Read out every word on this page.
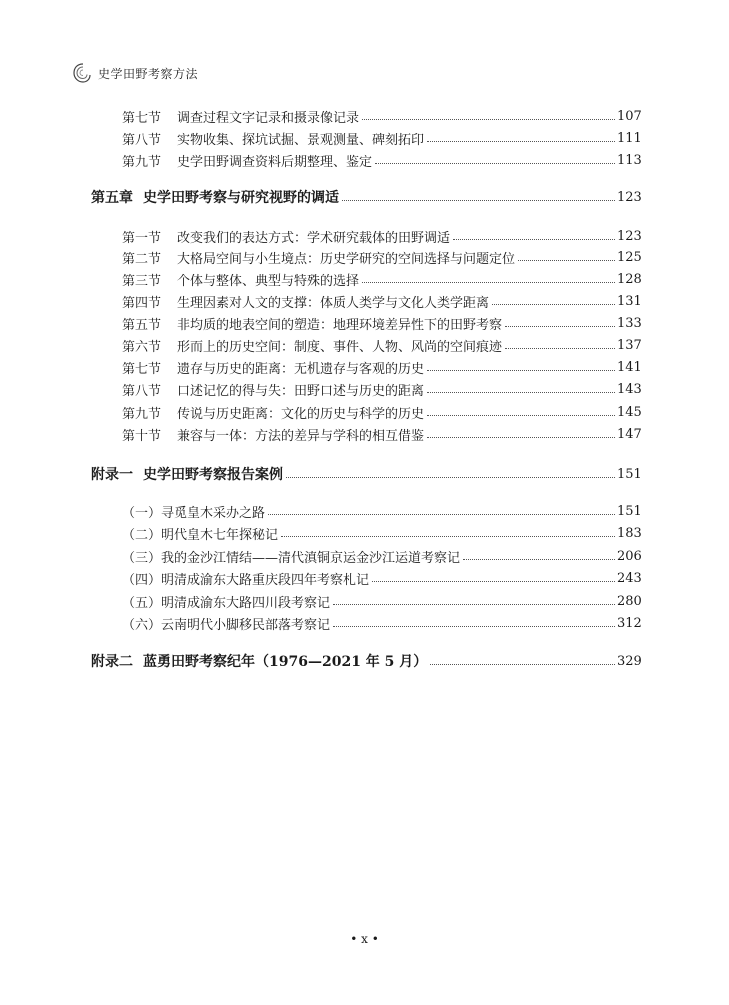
史学田野考察方法
第七节	调查过程文字记录和摄录像记录	107
第八节	实物收集、探坑试掘、景观测量、碑刻拓印	111
第九节	史学田野调查资料后期整理、鉴定	113
第五章 史学田野考察与研究视野的调适	123
第一节	改变我们的表达方式：学术研究载体的田野调适	123
第二节	大格局空间与小生境点：历史学研究的空间选择与问题定位	125
第三节	个体与整体、典型与特殊的选择	128
第四节	生理因素对人文的支撑：体质人类学与文化人类学距离	131
第五节	非均质的地表空间的塑造：地理环境差异性下的田野考察	133
第六节	形而上的历史空间：制度、事件、人物、风尚的空间痕迹	137
第七节	遗存与历史的距离：无机遗存与客观的历史	141
第八节	口述记忆的得与失：田野口述与历史的距离	143
第九节	传说与历史距离：文化的历史与科学的历史	145
第十节	兼容与一体：方法的差异与学科的相互借鉴	147
附录一 史学田野考察报告案例	151
（一）寻觅皇木采办之路	151
（二）明代皇木七年探秘记	183
（三）我的金沙江情结——清代滇铜京运金沙江运道考察记	206
（四）明清成渝东大路重庆段四年考察札记	243
（五）明清成渝东大路四川段考察记	280
（六）云南明代小脚移民部落考察记	312
附录二 蓝勇田野考察纪年（1976—2021 年 5 月）	329
• x •
